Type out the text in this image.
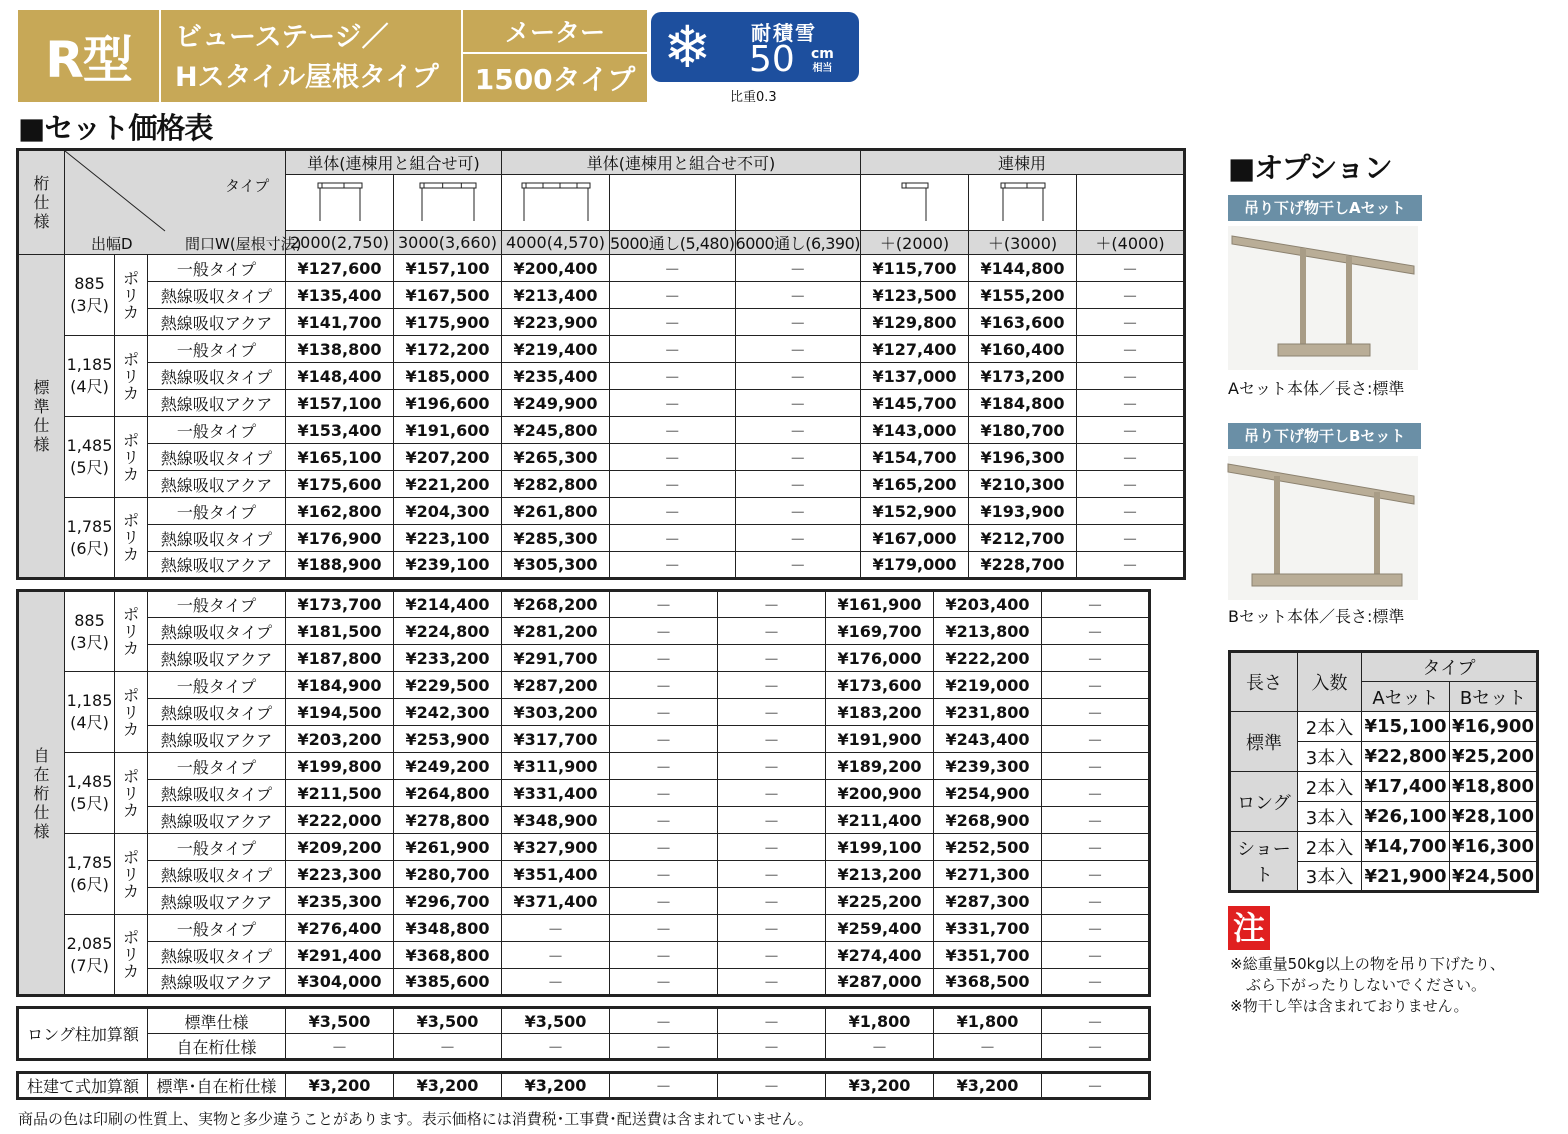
R型	ビューステージ／
Hスタイル屋根タイプ
メーター
1500タイプ ❄ 耐積雪
50 cm
相当
比重0.3
■セット価格表
桁仕様	タイプ
出幅D 間口W(屋根寸法)			単体(連棟用と組合せ可)		単体(連棟用と組合せ不可)			連棟用		

				2000(2,750)	3000(3,660)	4000(4,570)	5000通し(5,480)	6000通し(6,390)	＋(2000)	＋(3000)	＋(4000)

標準仕様	885
(3尺)	ポリカ	一般タイプ	¥127,600	¥157,100	¥200,400	－	－	¥115,700	¥144,800	－
			熱線吸収タイプ	¥135,400	¥167,500	¥213,400	－	－	¥123,500	¥155,200	－
			熱線吸収アクア	¥141,700	¥175,900	¥223,900	－	－	¥129,800	¥163,600	－

	1,185
(4尺)	ポリカ	一般タイプ	¥138,800	¥172,200	¥219,400	－	－	¥127,400	¥160,400	－
			熱線吸収タイプ	¥148,400	¥185,000	¥235,400	－	－	¥137,000	¥173,200	－
			熱線吸収アクア	¥157,100	¥196,600	¥249,900	－	－	¥145,700	¥184,800	－

	1,485
(5尺)	ポリカ	一般タイプ	¥153,400	¥191,600	¥245,800	－	－	¥143,000	¥180,700	－
			熱線吸収タイプ	¥165,100	¥207,200	¥265,300	－	－	¥154,700	¥196,300	－
			熱線吸収アクア	¥175,600	¥221,200	¥282,800	－	－	¥165,200	¥210,300	－

	1,785
(6尺)	ポリカ	一般タイプ	¥162,800	¥204,300	¥261,800	－	－	¥152,900	¥193,900	－
			熱線吸収タイプ	¥176,900	¥223,100	¥285,300	－	－	¥167,000	¥212,700	－
			熱線吸収アクア	¥188,900	¥239,100	¥305,300	－	－	¥179,000	¥228,700	－
自在桁仕様	885
(3尺)	ポリカ	一般タイプ	¥173,700	¥214,400	¥268,200	－	－	¥161,900	¥203,400	－
			熱線吸収タイプ	¥181,500	¥224,800	¥281,200	－	－	¥169,700	¥213,800	－
			熱線吸収アクア	¥187,800	¥233,200	¥291,700	－	－	¥176,000	¥222,200	－

	1,185
(4尺)	ポリカ	一般タイプ	¥184,900	¥229,500	¥287,200	－	－	¥173,600	¥219,000	－
			熱線吸収タイプ	¥194,500	¥242,300	¥303,200	－	－	¥183,200	¥231,800	－
			熱線吸収アクア	¥203,200	¥253,900	¥317,700	－	－	¥191,900	¥243,400	－

	1,485
(5尺)	ポリカ	一般タイプ	¥199,800	¥249,200	¥311,900	－	－	¥189,200	¥239,300	－
			熱線吸収タイプ	¥211,500	¥264,800	¥331,400	－	－	¥200,900	¥254,900	－
			熱線吸収アクア	¥222,000	¥278,800	¥348,900	－	－	¥211,400	¥268,900	－

	1,785
(6尺)	ポリカ	一般タイプ	¥209,200	¥261,900	¥327,900	－	－	¥199,100	¥252,500	－
			熱線吸収タイプ	¥223,300	¥280,700	¥351,400	－	－	¥213,200	¥271,300	－
			熱線吸収アクア	¥235,300	¥296,700	¥371,400	－	－	¥225,200	¥287,300	－

	2,085
(7尺)	ポリカ	一般タイプ	¥276,400	¥348,800	－	－	－	¥259,400	¥331,700	－
			熱線吸収タイプ	¥291,400	¥368,800	－	－	－	¥274,400	¥351,700	－
			熱線吸収アクア	¥304,000	¥385,600	－	－	－	¥287,000	¥368,500	－
ロング柱加算額	標準仕様	¥3,500	¥3,500	¥3,500	－	－	¥1,800	¥1,800	－
	自在桁仕様	－	－	－	－	－	－	－	－
柱建て式加算額	標準･自在桁仕様	¥3,200	¥3,200	¥3,200	－	－	¥3,200	¥3,200	－
■オプション
吊り下げ物干しAセット
Aセット本体／長さ:標準
吊り下げ物干しBセット
Bセット本体／長さ:標準
長さ	入数	タイプ	
		Aセット	Bセット
標準	2本入	¥15,100	¥16,900
	3本入	¥22,800	¥25,200
ロング	2本入	¥17,400	¥18,800
	3本入	¥26,100	¥28,100
ショート	2本入	¥14,700	¥16,300
	3本入	¥21,900	¥24,500
注
※総重量50kg以上の物を吊り下げたり、
ぶら下がったりしないでください。
※物干し竿は含まれておりません。
商品の色は印刷の性質上、実物と多少違うことがあります。表示価格には消費税･工事費･配送費は含まれていません。
